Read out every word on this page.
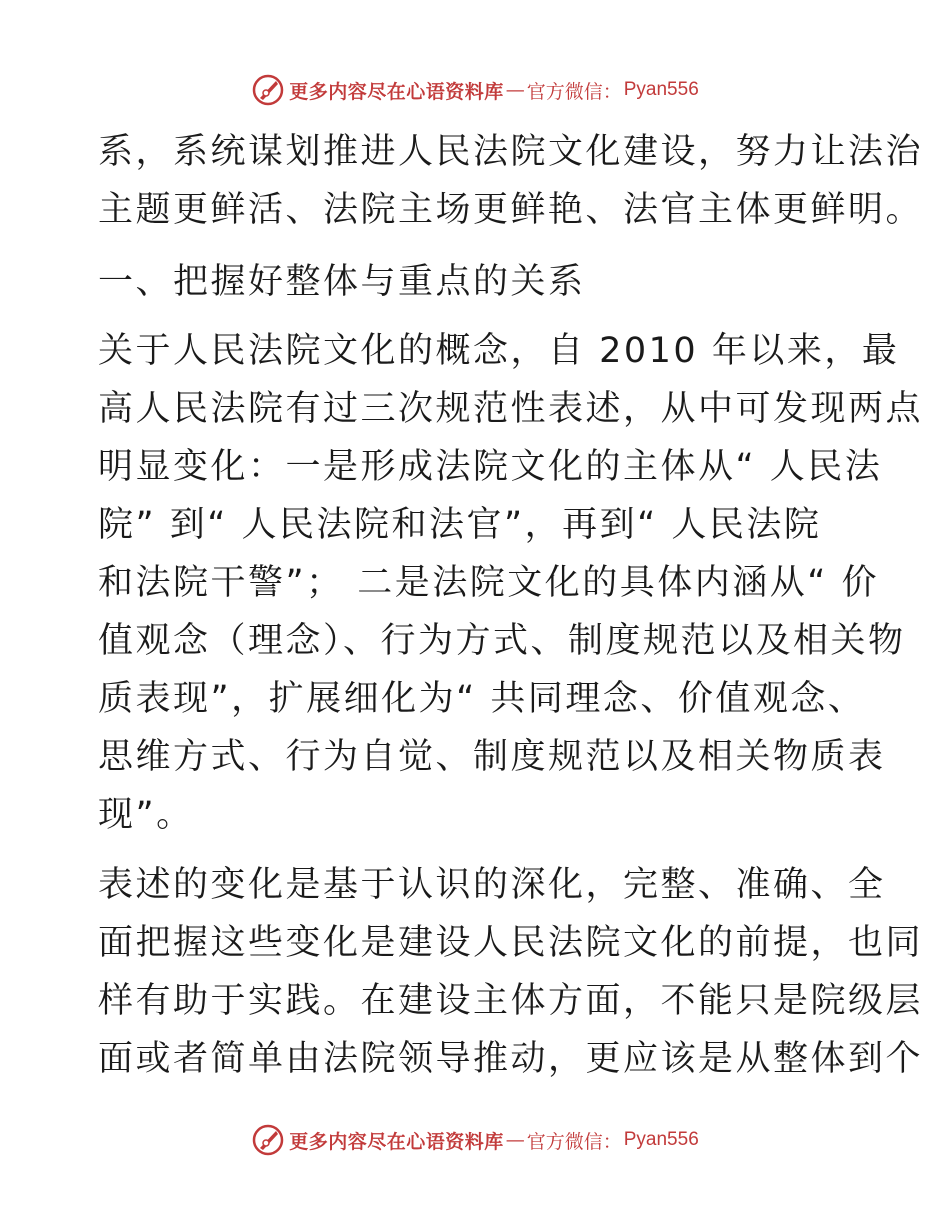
更多内容尽在心语资料库 — 官方微信： Pyan556

系，系统谋划推进人民法院文化建设，努力让法治

主题更鲜活、法院主场更鲜艳、法官主体更鲜明。

一、把握好整体与重点的关系

关于人民法院文化的概念，自 2010 年以来，最

高人民法院有过三次规范性表述，从中可发现两点

明显变化：一是形成法院文化的主体从“ 人民法

院” 到“ 人民法院和法官”，再到“ 人民法院

和法院干警”； 二是法院文化的具体内涵从“ 价

值观念（理念）、行为方式、制度规范以及相关物

质表现”，扩展细化为“ 共同理念、价值观念、

思维方式、行为自觉、制度规范以及相关物质表

现”。

表述的变化是基于认识的深化，完整、准确、全

面把握这些变化是建设人民法院文化的前提，也同

样有助于实践。在建设主体方面，不能只是院级层

面或者简单由法院领导推动，更应该是从整体到个

更多内容尽在心语资料库 — 官方微信： Pyan556
